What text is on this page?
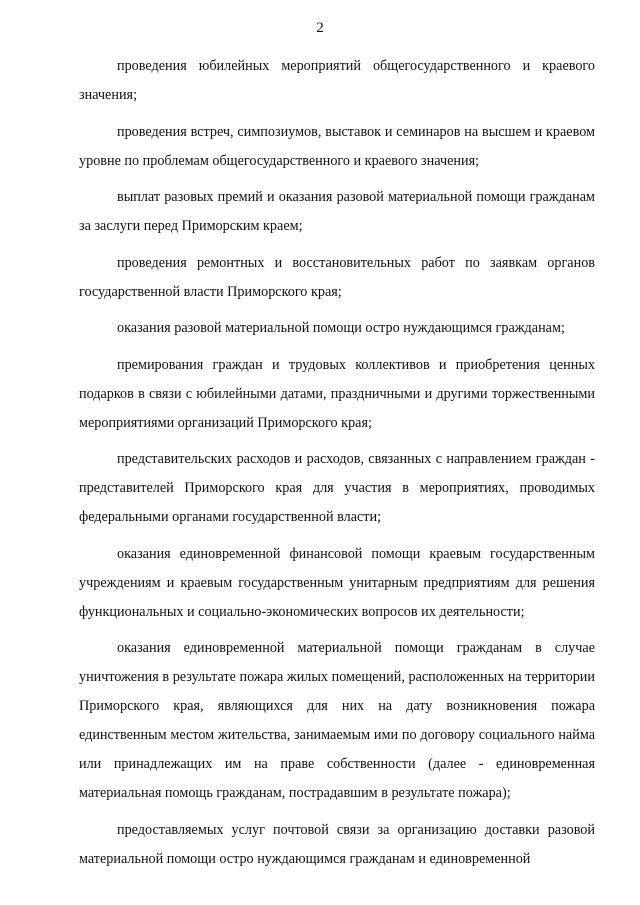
2

проведения юбилейных мероприятий общегосударственного и краевого значения;

проведения встреч, симпозиумов, выставок и семинаров на высшем и краевом уровне по проблемам общегосударственного и краевого значения;

выплат разовых премий и оказания разовой материальной помощи гражданам за заслуги перед Приморским краем;

проведения ремонтных и восстановительных работ по заявкам органов государственной власти Приморского края;

оказания разовой материальной помощи остро нуждающимся гражданам;

премирования граждан и трудовых коллективов и приобретения ценных подарков в связи с юбилейными датами, праздничными и другими торжественными мероприятиями организаций Приморского края;

представительских расходов и расходов, связанных с направлением граждан - представителей Приморского края для участия в мероприятиях, проводимых федеральными органами государственной власти;

оказания единовременной финансовой помощи краевым государственным учреждениям и краевым государственным унитарным предприятиям для решения функциональных и социально-экономических вопросов их деятельности;

оказания единовременной материальной помощи гражданам в случае уничтожения в результате пожара жилых помещений, расположенных на территории Приморского края, являющихся для них на дату возникновения пожара единственным местом жительства, занимаемым ими по договору социального найма или принадлежащих им на праве собственности (далее - единовременная материальная помощь гражданам, пострадавшим в результате пожара);

предоставляемых услуг почтовой связи за организацию доставки разовой материальной помощи остро нуждающимся гражданам и единовременной
